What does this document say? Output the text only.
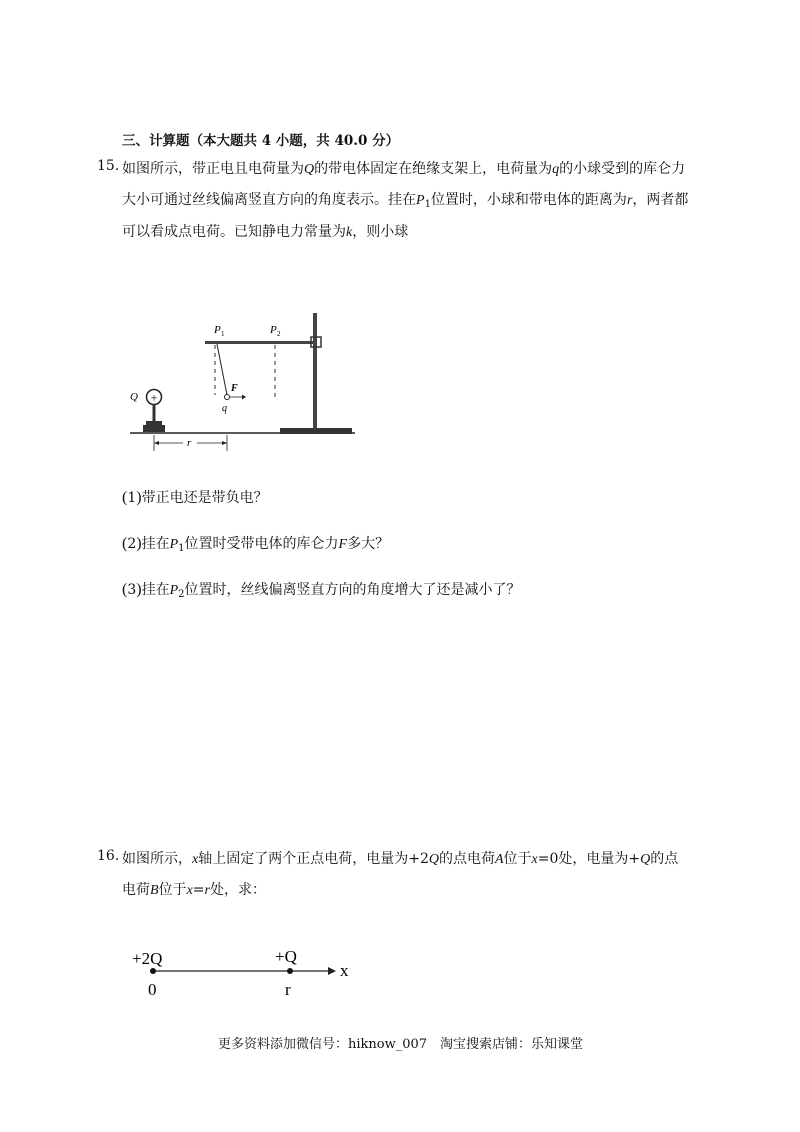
三、计算题（本大题共 4 小题，共 40.0 分）
15. 如图所示，带正电且电荷量为Q的带电体固定在绝缘支架上，电荷量为q的小球受到的库仑力
大小可通过丝线偏离竖直方向的角度表示。挂在$P_1$位置时，小球和带电体的距离为r，两者都
可以看成点电荷。已知静电力常量为k，则小球
P 1	P 2
F
q
Q +
r
(1)带正电还是带负电？
(2)挂在$P_1$位置时受带电体的库仑力F多大？
(3)挂在$P_2$位置时，丝线偏离竖直方向的角度增大了还是减小了？
16. 如图所示，x轴上固定了两个正点电荷，电量为+2Q的点电荷A位于x=0处，电量为+Q的点
电荷B位于x=r处，求：
+2Q	+Q
x
0	r
更多资料添加微信号：hiknow_007　淘宝搜索店铺：乐知课堂
